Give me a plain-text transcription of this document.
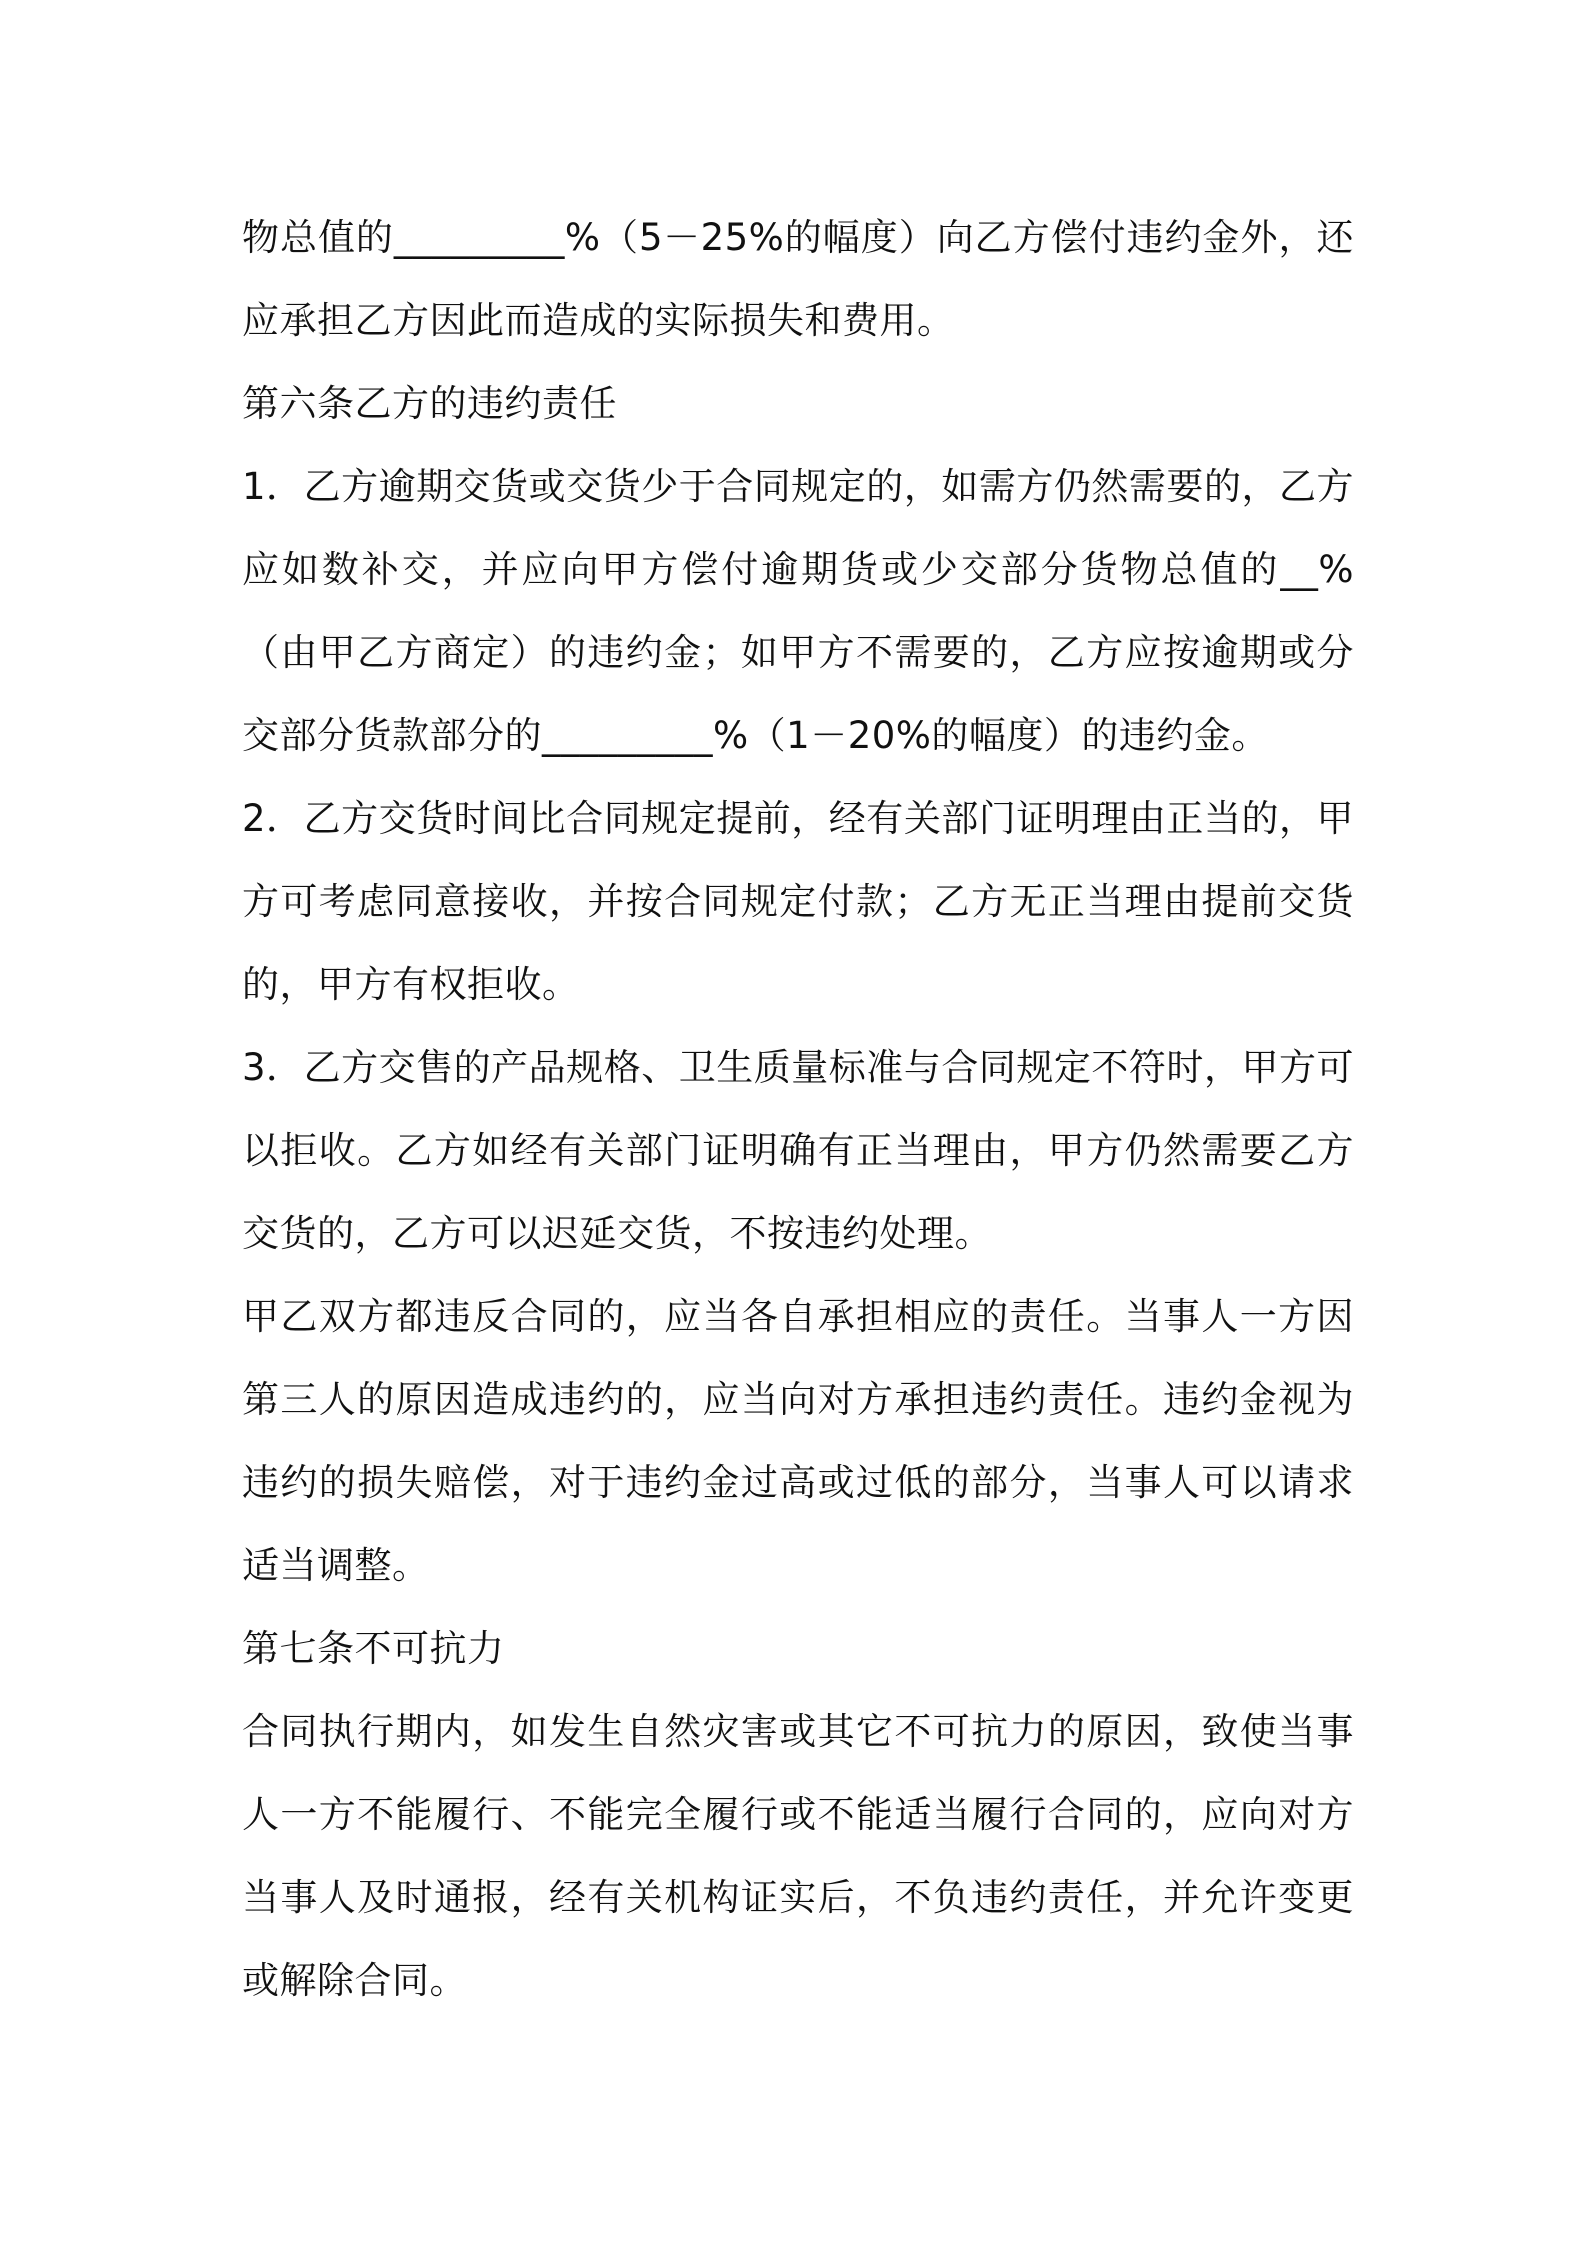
物总值的_________%（5－25%的幅度）向乙方偿付违约金外，还应承担乙方因此而造成的实际损失和费用。

第六条乙方的违约责任

1．乙方逾期交货或交货少于合同规定的，如需方仍然需要的，乙方应如数补交，并应向甲方偿付逾期货或少交部分货物总值的__%（由甲乙方商定）的违约金；如甲方不需要的，乙方应按逾期或分交部分货款部分的_________%（1－20%的幅度）的违约金。

2．乙方交货时间比合同规定提前，经有关部门证明理由正当的，甲方可考虑同意接收，并按合同规定付款；乙方无正当理由提前交货的，甲方有权拒收。

3．乙方交售的产品规格、卫生质量标准与合同规定不符时，甲方可以拒收。乙方如经有关部门证明确有正当理由，甲方仍然需要乙方交货的，乙方可以迟延交货，不按违约处理。

甲乙双方都违反合同的，应当各自承担相应的责任。当事人一方因第三人的原因造成违约的，应当向对方承担违约责任。违约金视为违约的损失赔偿，对于违约金过高或过低的部分，当事人可以请求适当调整。

第七条不可抗力

合同执行期内，如发生自然灾害或其它不可抗力的原因，致使当事人一方不能履行、不能完全履行或不能适当履行合同的，应向对方当事人及时通报，经有关机构证实后，不负违约责任，并允许变更或解除合同。
